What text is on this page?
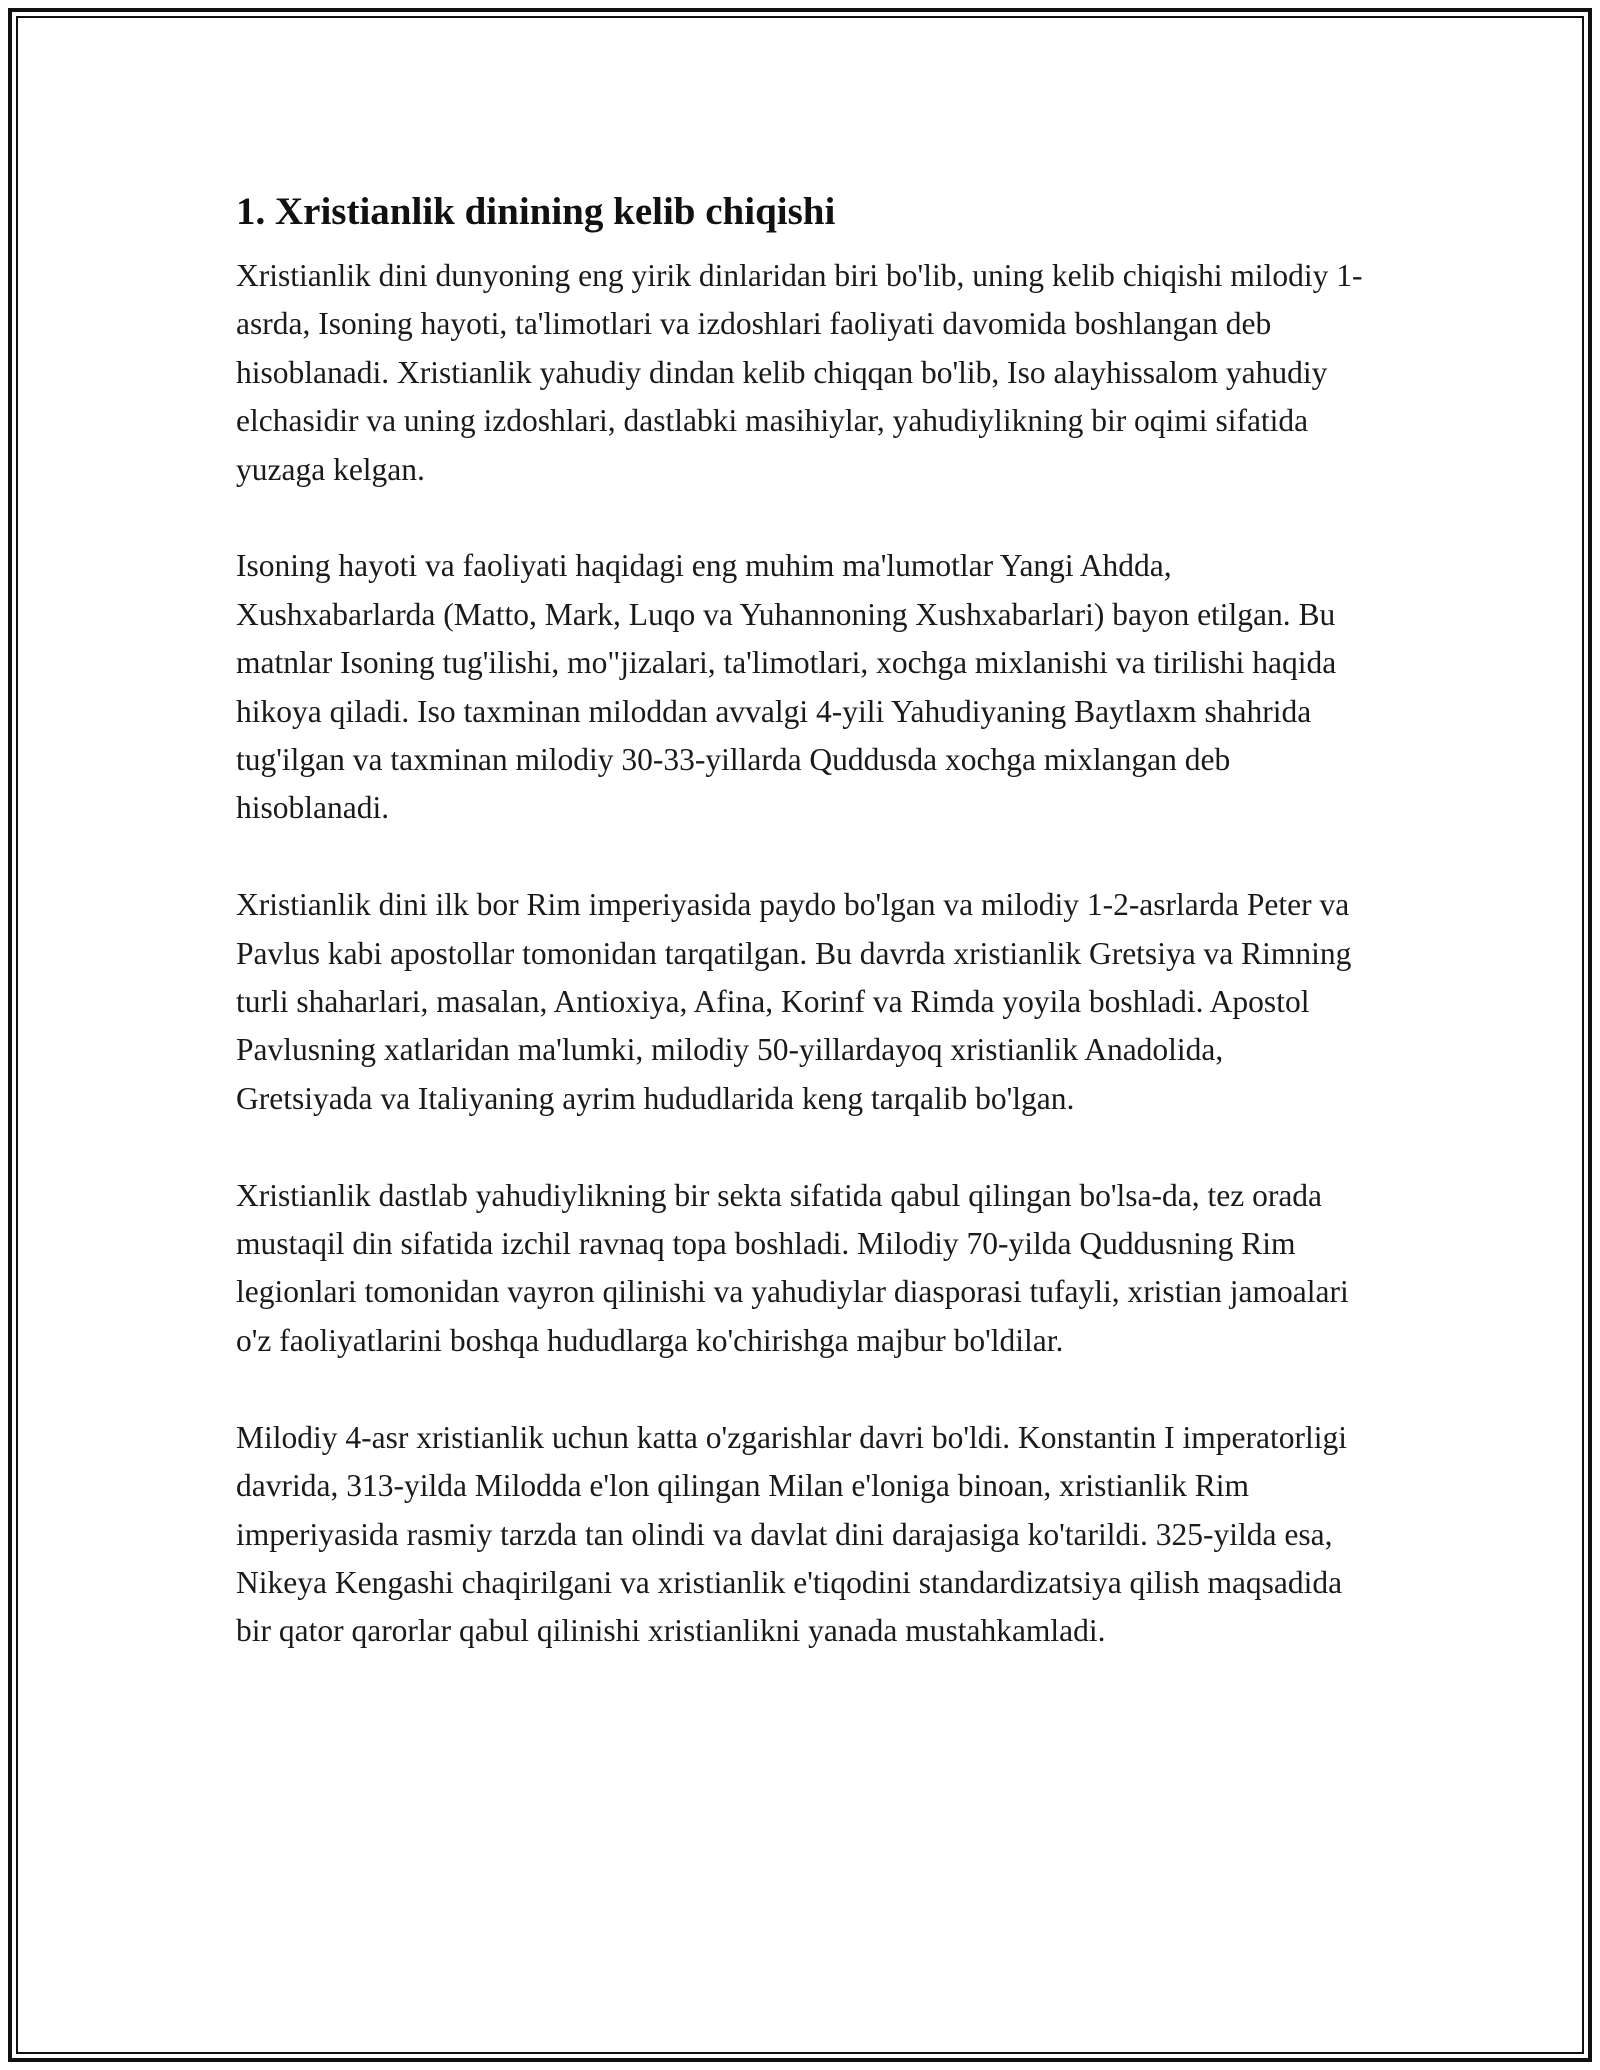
1. Xristianlik dinining kelib chiqishi

Xristianlik dini dunyoning eng yirik dinlaridan biri bo'lib, uning kelib chiqishi milodiy 1-asrda, Isoning hayoti, ta'limotlari va izdoshlari faoliyati davomida boshlangan deb hisoblanadi. Xristianlik yahudiy dindan kelib chiqqan bo'lib, Iso alayhissalom yahudiy elchasidir va uning izdoshlari, dastlabki masihiylar, yahudiylikning bir oqimi sifatida yuzaga kelgan.

Isoning hayoti va faoliyati haqidagi eng muhim ma'lumotlar Yangi Ahdda, Xushxabarlarda (Matto, Mark, Luqo va Yuhannoning Xushxabarlari) bayon etilgan. Bu matnlar Isoning tug'ilishi, mo"jizalari, ta'limotlari, xochga mixlanishi va tirilishi haqida hikoya qiladi. Iso taxminan miloddan avvalgi 4-yili Yahudiyaning Baytlaxm shahrida tug'ilgan va taxminan milodiy 30-33-yillarda Quddusda xochga mixlangan deb hisoblanadi.

Xristianlik dini ilk bor Rim imperiyasida paydo bo'lgan va milodiy 1-2-asrlarda Peter va Pavlus kabi apostollar tomonidan tarqatilgan. Bu davrda xristianlik Gretsiya va Rimning turli shaharlari, masalan, Antioxiya, Afina, Korinf va Rimda yoyila boshladi. Apostol Pavlusning xatlaridan ma'lumki, milodiy 50-yillardayoq xristianlik Anadolida, Gretsiyada va Italiyaning ayrim hududlarida keng tarqalib bo'lgan.

Xristianlik dastlab yahudiylikning bir sekta sifatida qabul qilingan bo'lsa-da, tez orada mustaqil din sifatida izchil ravnaq topa boshladi. Milodiy 70-yilda Quddusning Rim legionlari tomonidan vayron qilinishi va yahudiylar diasporasi tufayli, xristian jamoalari o'z faoliyatlarini boshqa hududlarga ko'chirishga majbur bo'ldilar.

Milodiy 4-asr xristianlik uchun katta o'zgarishlar davri bo'ldi. Konstantin I imperatorligi davrida, 313-yilda Milodda e'lon qilingan Milan e'loniga binoan, xristianlik Rim imperiyasida rasmiy tarzda tan olindi va davlat dini darajasiga ko'tarildi. 325-yilda esa, Nikeya Kengashi chaqirilgani va xristianlik e'tiqodini standardizatsiya qilish maqsadida bir qator qarorlar qabul qilinishi xristianlikni yanada mustahkamladi.
